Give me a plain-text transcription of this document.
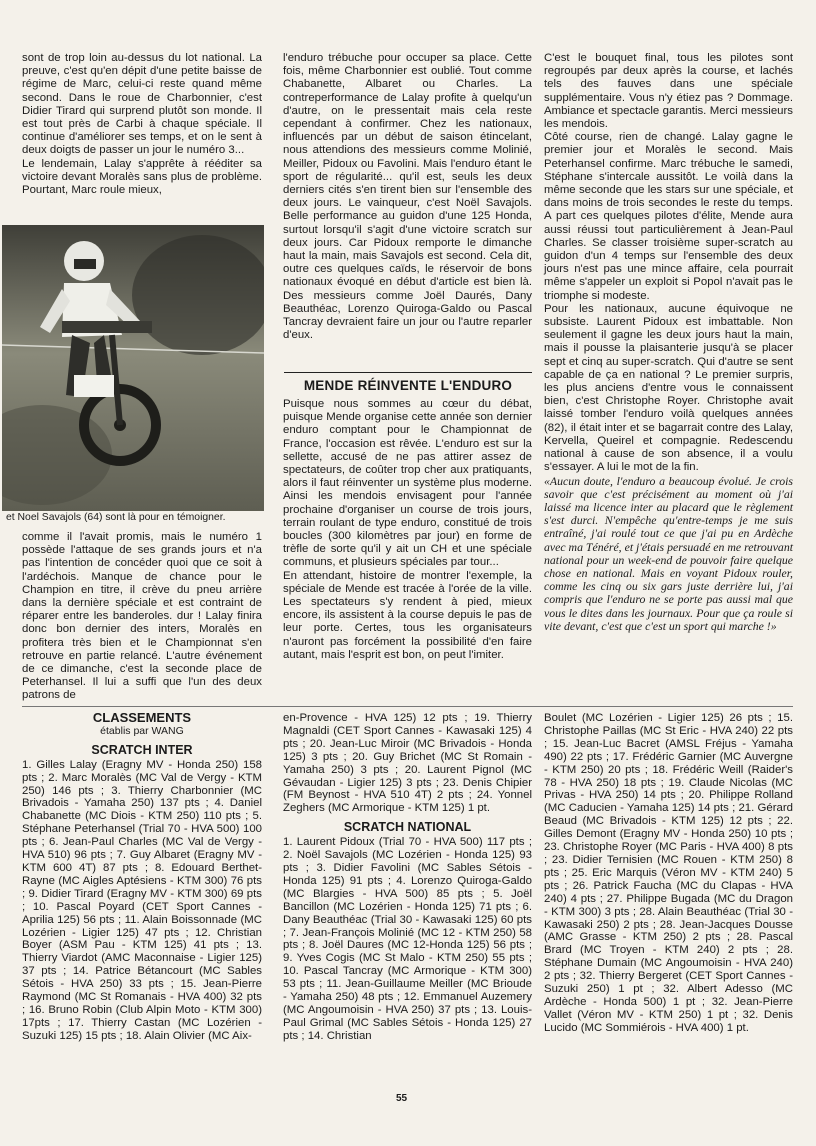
sont de trop loin au-dessus du lot national. La preuve, c'est qu'en dépit d'une petite baisse de régime de Marc, celui-ci reste quand même second. Dans le roue de Charbonnier, c'est Didier Tirard qui surprend plutôt son monde. Il est tout près de Carbi à chaque spéciale. Il continue d'améliorer ses temps, et on le sent à deux doigts de passer un jour le numéro 3...

Le lendemain, Lalay s'apprête à rééditer sa victoire devant Moralès sans plus de problème. Pourtant, Marc roule mieux,

et Noel Savajols (64) sont là pour en témoigner.

comme il l'avait promis, mais le numéro 1 possède l'attaque de ses grands jours et n'a pas l'intention de concéder quoi que ce soit à l'ardéchois. Manque de chance pour le Champion en titre, il crève du pneu arrière dans la dernière spéciale et est contraint de réparer entre les banderoles. dur ! Lalay finira donc bon dernier des inters, Moralès en profitera très bien et le Championnat s'en retrouve en partie relancé. L'autre événement de ce dimanche, c'est la seconde place de Peterhansel. Il lui a suffi que l'un des deux patrons de

l'enduro trébuche pour occuper sa place. Cette fois, même Charbonnier est oublié. Tout comme Chabanette, Albaret ou Charles. La contreperformance de Lalay profite à quelqu'un d'autre, on le pressentait mais cela reste cependant à confirmer. Chez les nationaux, influencés par un début de saison étincelant, nous attendions des messieurs comme Molinié, Meiller, Pidoux ou Favolini. Mais l'enduro étant le sport de régularité... qu'il est, seuls les deux derniers cités s'en tirent bien sur l'ensemble des deux jours. Le vainqueur, c'est Noël Savajols. Belle performance au guidon d'une 125 Honda, surtout lorsqu'il s'agit d'une victoire scratch sur deux jours. Car Pidoux remporte le dimanche haut la main, mais Savajols est second. Cela dit, outre ces quelques caïds, le réservoir de bons nationaux évoqué en début d'article est bien là. Des messieurs comme Joël Daurés, Dany Beauthéac, Lorenzo Quiroga-Galdo ou Pascal Tancray devraient faire un jour ou l'autre reparler d'eux.

MENDE RÉINVENTE L'ENDURO

Puisque nous sommes au cœur du débat, puisque Mende organise cette année son dernier enduro comptant pour le Championnat de France, l'occasion est rêvée. L'enduro est sur la sellette, accusé de ne pas attirer assez de spectateurs, de coûter trop cher aux pratiquants, alors il faut réinventer un système plus moderne. Ainsi les mendois envisagent pour l'année prochaine d'organiser un course de trois jours, terrain roulant de type enduro, constitué de trois boucles (300 kilomètres par jour) en forme de trèfle de sorte qu'il y ait un CH et une spéciale communs, et plusieurs spéciales par tour...

En attendant, histoire de montrer l'exemple, la spéciale de Mende est tracée à l'orée de la ville. Les spectateurs s'y rendent à pied, mieux encore, ils assistent à la course depuis le pas de leur porte. Certes, tous les organisateurs n'auront pas forcément la possibilité d'en faire autant, mais l'esprit est bon, on peut l'imiter.

C'est le bouquet final, tous les pilotes sont regroupés par deux après la course, et lachés tels des fauves dans une spéciale supplémentaire. Vous n'y étiez pas ? Dommage. Ambiance et spectacle garantis. Merci messieurs les mendois.

Côté course, rien de changé. Lalay gagne le premier jour et Moralès le second. Mais Peterhansel confirme. Marc trébuche le samedi, Stéphane s'intercale aussitôt. Le voilà dans la même seconde que les stars sur une spéciale, et dans moins de trois secondes le reste du temps. A part ces quelques pilotes d'élite, Mende aura aussi réussi tout particulièrement à Jean-Paul Charles. Se classer troisième super-scratch au guidon d'un 4 temps sur l'ensemble des deux jours n'est pas une mince affaire, cela pourrait même s'appeler un exploit si Popol n'avait pas le triomphe si modeste.

Pour les nationaux, aucune équivoque ne subsiste. Laurent Pidoux est imbattable. Non seulement il gagne les deux jours haut la main, mais il pousse la plaisanterie jusqu'à se placer sept et cinq au super-scratch. Qui d'autre se sent capable de ça en national ? Le premier surpris, les plus anciens d'entre vous le connaissent bien, c'est Christophe Royer. Christophe avait laissé tomber l'enduro voilà quelques années (82), il était inter et se bagarrait contre des Lalay, Kervella, Queirel et compagnie. Redescendu national à cause de son absence, il a voulu s'essayer. A lui le mot de la fin.

«Aucun doute, l'enduro a beaucoup évolué. Je crois savoir que c'est précisément au moment où j'ai laissé ma licence inter au placard que le règlement s'est durci. N'empêche qu'entre-temps je me suis entraîné, j'ai roulé tout ce que j'ai pu en Ardèche avec ma Ténéré, et j'étais persuadé en me retrouvant national pour un week-end de pouvoir faire quelque chose en national. Mais en voyant Pidoux rouler, comme les cinq ou six gars juste derrière lui, j'ai compris que l'enduro ne se porte pas aussi mal que vous le dites dans les journaux. Pour que ça roule si vite devant, c'est que c'est un sport qui marche !»

CLASSEMENTS
établis par WANG
SCRATCH INTER

1. Gilles Lalay (Eragny MV - Honda 250) 158 pts ; 2. Marc Moralès (MC Val de Vergy - KTM 250) 146 pts ; 3. Thierry Charbonnier (MC Brivadois - Yamaha 250) 137 pts ; 4. Daniel Chabanette (MC Diois - KTM 250) 110 pts ; 5. Stéphane Peterhansel (Trial 70 - HVA 500) 100 pts ; 6. Jean-Paul Charles (MC Val de Vergy - HVA 510) 96 pts ; 7. Guy Albaret (Eragny MV - KTM 600 4T) 87 pts ; 8. Edouard Berthet-Rayne (MC Aigles Aptésiens - KTM 300) 76 pts ; 9. Didier Tirard (Eragny MV - KTM 300) 69 pts ; 10. Pascal Poyard (CET Sport Cannes - Aprilia 125) 56 pts ; 11. Alain Boissonnade (MC Lozérien - Ligier 125) 47 pts ; 12. Christian Boyer (ASM Pau - KTM 125) 41 pts ; 13. Thierry Viardot (AMC Maconnaise - Ligier 125) 37 pts ; 14. Patrice Bétancourt (MC Sables Sétois - HVA 250) 33 pts ; 15. Jean-Pierre Raymond (MC St Romanais - HVA 400) 32 pts ; 16. Bruno Robin (Club Alpin Moto - KTM 300) 17pts ; 17. Thierry Castan (MC Lozérien - Suzuki 125) 15 pts ; 18. Alain Olivier (MC Aix-

en-Provence - HVA 125) 12 pts ; 19. Thierry Magnaldi (CET Sport Cannes - Kawasaki 125) 4 pts ; 20. Jean-Luc Miroir (MC Brivadois - Honda 125) 3 pts ; 20. Guy Brichet (MC St Romain - Yamaha 250) 3 pts ; 20. Laurent Pignol (MC Gévaudan - Ligier 125) 3 pts ; 23. Denis Chipier (FM Beynost - HVA 510 4T) 2 pts ; 24. Yonnel Zeghers (MC Armorique - KTM 125) 1 pt.

SCRATCH NATIONAL

1. Laurent Pidoux (Trial 70 - HVA 500) 117 pts ; 2. Noël Savajols (MC Lozérien - Honda 125) 93 pts ; 3. Didier Favolini (MC Sables Sétois - Honda 125) 91 pts ; 4. Lorenzo Quiroga-Galdo (MC Blargies - HVA 500) 85 pts ; 5. Joël Bancillon (MC Lozérien - Honda 125) 71 pts ; 6. Dany Beauthéac (Trial 30 - Kawasaki 125) 60 pts ; 7. Jean-François Molinié (MC 12 - KTM 250) 58 pts ; 8. Joël Daures (MC 12-Honda 125) 56 pts ; 9. Yves Cogis (MC St Malo - KTM 250) 55 pts ; 10. Pascal Tancray (MC Armorique - KTM 300) 53 pts ; 11. Jean-Guillaume Meiller (MC Brioude - Yamaha 250) 48 pts ; 12. Emmanuel Auzemery (MC Angoumoisin - HVA 250) 37 pts ; 13. Louis-Paul Grimal (MC Sables Sétois - Honda 125) 27 pts ; 14. Christian

Boulet (MC Lozérien - Ligier 125) 26 pts ; 15. Christophe Paillas (MC St Eric - HVA 240) 22 pts ; 15. Jean-Luc Bacret (AMSL Fréjus - Yamaha 490) 22 pts ; 17. Frédéric Garnier (MC Auvergne - KTM 250) 20 pts ; 18. Frédéric Weill (Raider's 78 - HVA 250) 18 pts ; 19. Claude Nicolas (MC Privas - HVA 250) 14 pts ; 20. Philippe Rolland (MC Caducien - Yamaha 125) 14 pts ; 21. Gérard Beaud (MC Brivadois - KTM 125) 12 pts ; 22. Gilles Demont (Eragny MV - Honda 250) 10 pts ; 23. Christophe Royer (MC Paris - HVA 400) 8 pts ; 23. Didier Ternisien (MC Rouen - KTM 250) 8 pts ; 25. Eric Marquis (Véron MV - KTM 240) 5 pts ; 26. Patrick Faucha (MC du Clapas - HVA 240) 4 pts ; 27. Philippe Bugada (MC du Dragon - KTM 300) 3 pts ; 28. Alain Beauthéac (Trial 30 - Kawasaki 250) 2 pts ; 28. Jean-Jacques Dousse (AMC Grasse - KTM 250) 2 pts ; 28. Pascal Brard (MC Troyen - KTM 240) 2 pts ; 28. Stéphane Dumain (MC Angoumoisin - HVA 240) 2 pts ; 32. Thierry Bergeret (CET Sport Cannes - Suzuki 250) 1 pt ; 32. Albert Adesso (MC Ardèche - Honda 500) 1 pt ; 32. Jean-Pierre Vallet (Véron MV - KTM 250) 1 pt ; 32. Denis Lucido (MC Sommiérois - HVA 400) 1 pt.

55
